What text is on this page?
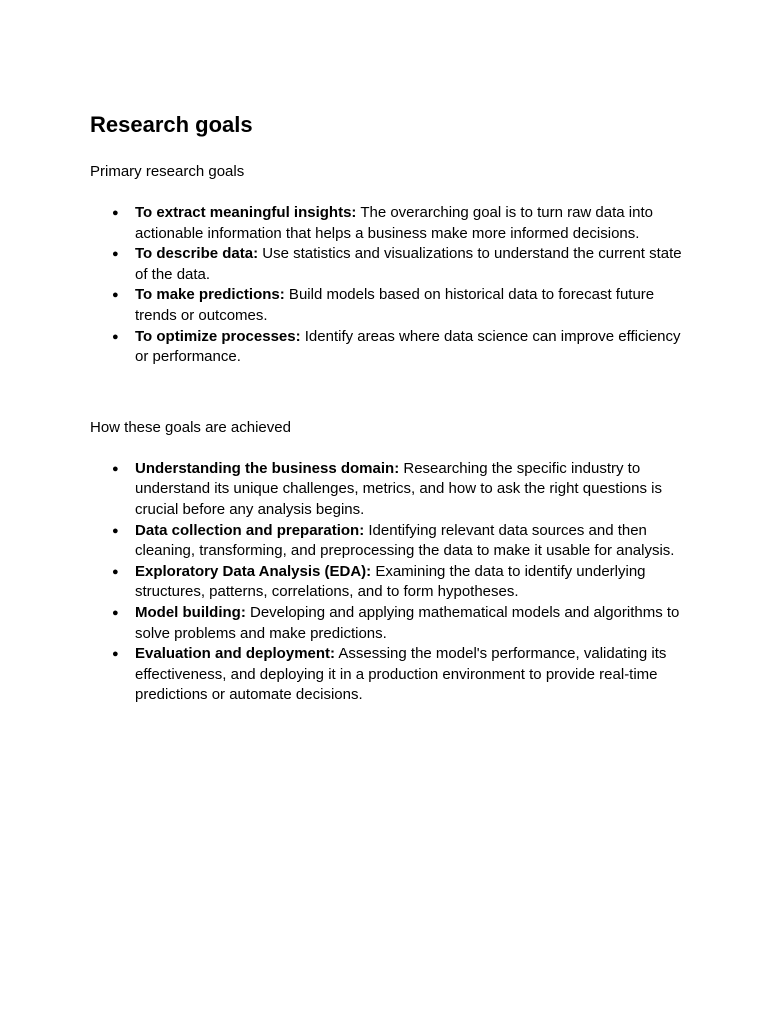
Research goals

Primary research goals

● To extract meaningful insights: The overarching goal is to turn raw data into actionable information that helps a business make more informed decisions.
● To describe data: Use statistics and visualizations to understand the current state of the data.
● To make predictions: Build models based on historical data to forecast future trends or outcomes.
● To optimize processes: Identify areas where data science can improve efficiency or performance.

How these goals are achieved

● Understanding the business domain: Researching the specific industry to understand its unique challenges, metrics, and how to ask the right questions is crucial before any analysis begins.
● Data collection and preparation: Identifying relevant data sources and then cleaning, transforming, and preprocessing the data to make it usable for analysis.
● Exploratory Data Analysis (EDA): Examining the data to identify underlying structures, patterns, correlations, and to form hypotheses.
● Model building: Developing and applying mathematical models and algorithms to solve problems and make predictions.
● Evaluation and deployment: Assessing the model's performance, validating its effectiveness, and deploying it in a production environment to provide real-time predictions or automate decisions.
